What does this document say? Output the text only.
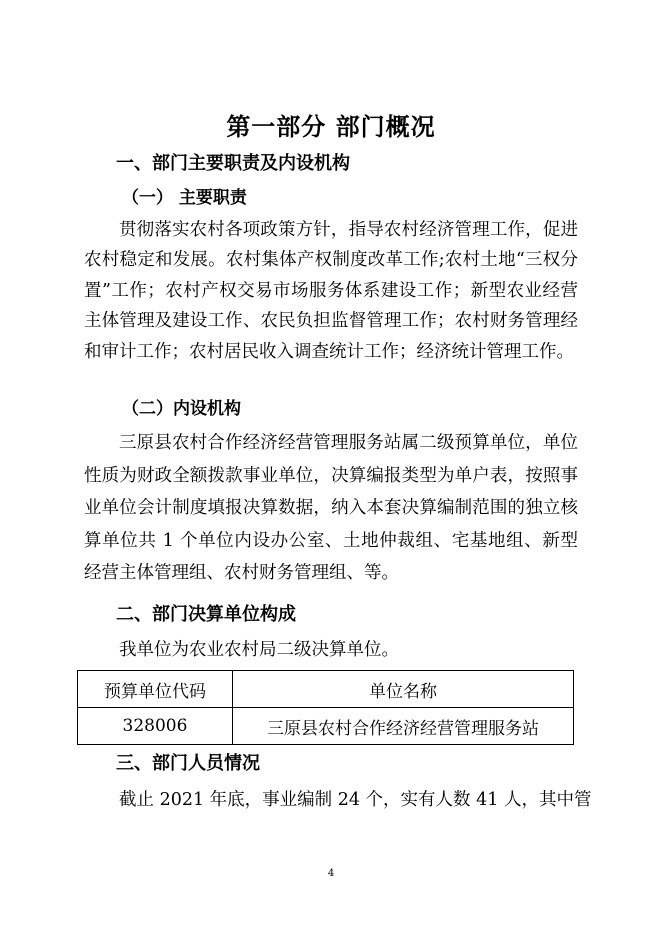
第一部分 部门概况
一、部门主要职责及内设机构
（一） 主要职责
贯彻落实农村各项政策方针，指导农村经济管理工作，促进农村稳定和发展。农村集体产权制度改革工作;农村土地“三权分置”工作；农村产权交易市场服务体系建设工作；新型农业经营主体管理及建设工作、农民负担监督管理工作；农村财务管理经和审计工作；农村居民收入调查统计工作；经济统计管理工作。
（二）内设机构
三原县农村合作经济经营管理服务站属二级预算单位，单位性质为财政全额拨款事业单位，决算编报类型为单户表，按照事业单位会计制度填报决算数据，纳入本套决算编制范围的独立核算单位共 1 个单位内设办公室、土地仲裁组、宅基地组、新型经营主体管理组、农村财务管理组、等。
二、部门决算单位构成
我单位为农业农村局二级决算单位。
预算单位代码	单位名称
328006	三原县农村合作经济经营管理服务站
三、部门人员情况
截止 2021 年底，事业编制 24 个，实有人数 41 人，其中管
4
